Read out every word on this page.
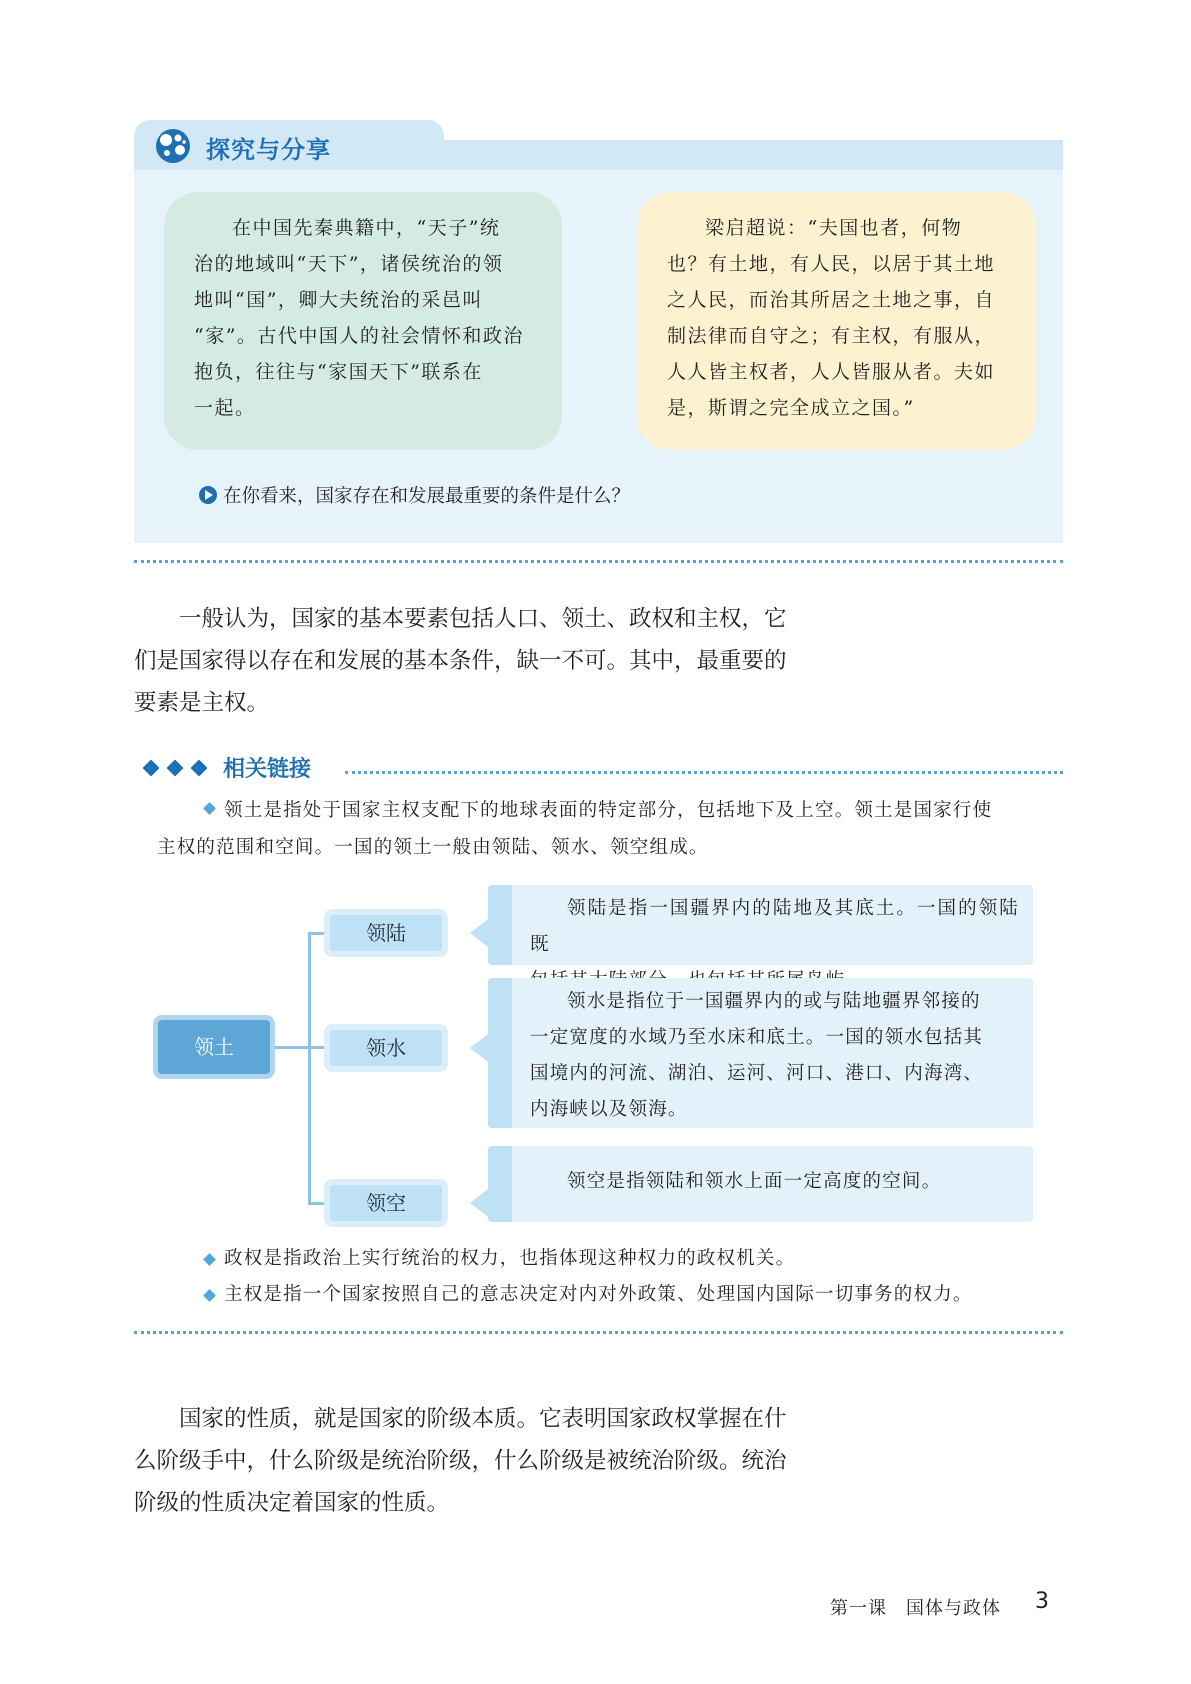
探究与分享
在中国先秦典籍中，“天子”统
治的地域叫“天下”，诸侯统治的领
地叫“国”，卿大夫统治的采邑叫
“家”。古代中国人的社会情怀和政治
抱负，往往与“家国天下”联系在
一起。
梁启超说：“夫国也者，何物
也？有土地，有人民，以居于其土地
之人民，而治其所居之土地之事，自
制法律而自守之；有主权，有服从，
人人皆主权者，人人皆服从者。夫如
是，斯谓之完全成立之国。”
在你看来，国家存在和发展最重要的条件是什么？
一般认为，国家的基本要素包括人口、领土、政权和主权，它
们是国家得以存在和发展的基本条件，缺一不可。其中，最重要的
要素是主权。
相关链接
领土是指处于国家主权支配下的地球表面的特定部分，包括地下及上空。领土是国家行使
主权的范围和空间。一国的领土一般由领陆、领水、领空组成。
领土
领陆
领水
领空
领陆是指一国疆界内的陆地及其底土。一国的领陆既
领水是指位于一国疆界内的或与陆地疆界邻接的
一定宽度的水域乃至水床和底土。一国的领水包括其
国境内的河流、湖泊、运河、河口、港口、内海湾、
内海峡以及领海。
领空是指领陆和领水上面一定高度的空间。
政权是指政治上实行统治的权力，也指体现这种权力的政权机关。
主权是指一个国家按照自己的意志决定对内对外政策、处理国内国际一切事务的权力。
国家的性质，就是国家的阶级本质。它表明国家政权掌握在什
么阶级手中，什么阶级是统治阶级，什么阶级是被统治阶级。统治
阶级的性质决定着国家的性质。
第一课　国体与政体 3
